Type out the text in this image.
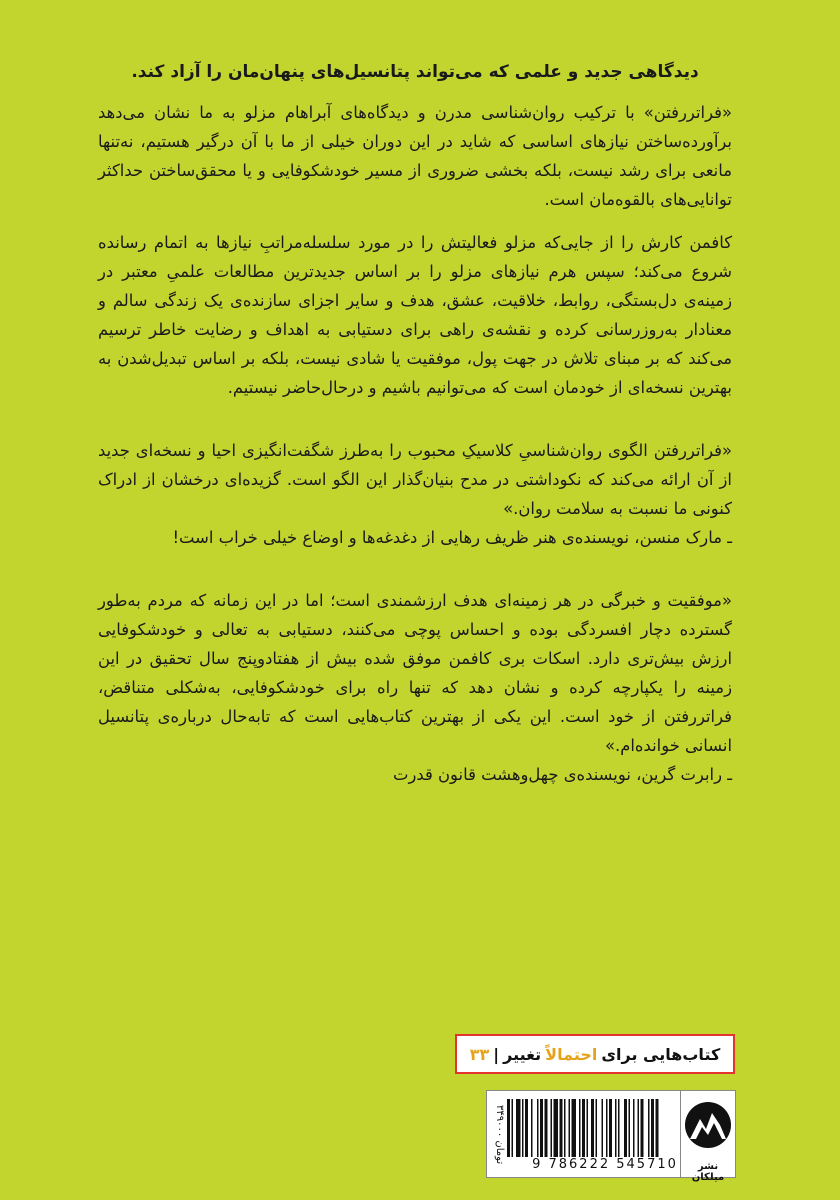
دیدگاهی جدید و علمی که می‌تواند پتانسیل‌های پنهان‌مان را آزاد کند.

«فراتررفتن» با ترکیب روان‌شناسی مدرن و دیدگاه‌های آبراهام مزلو به ما نشان می‌دهد برآورده‌ساختن نیازهای اساسی که شاید در این دوران خیلی از ما با آن درگیر هستیم، نه‌تنها مانعی برای رشد نیست، بلکه بخشی ضروری از مسیر خودشکوفایی و یا محقق‌ساختن حداکثر توانایی‌های بالقوه‌مان است.

کافمن کارش را از جایی‌که مزلو فعالیتش را در مورد سلسله‌مراتبِ نیازها به اتمام رسانده شروع می‌کند؛ سپس هرم نیازهای مزلو را بر اساس جدیدترین مطالعات علمیِ معتبر در زمینه‌ی دل‌بستگی، روابط، خلاقیت، عشق، هدف و سایر اجزای سازنده‌ی یک زندگی سالم و معنادار به‌روزرسانی کرده و نقشه‌ی راهی برای دستیابی به اهداف و رضایت خاطر ترسیم می‌کند که بر مبنای تلاش در جهت پول، موفقیت یا شادی نیست، بلکه بر اساس تبدیل‌شدن به بهترین نسخه‌ای از خودمان است که می‌توانیم باشیم و درحال‌حاضر نیستیم.

«فراتررفتن الگوی روان‌شناسیِ کلاسیکِ محبوب را به‌طرز شگفت‌انگیزی احیا و نسخه‌ای جدید از آن ارائه می‌کند که نکوداشتی در مدح بنیان‌گذار این الگو است. گزیده‌ای درخشان از ادراک کنونی ما نسبت به سلامت روان.»

ـ مارک منسن، نویسنده‌ی هنر ظریف رهایی از دغدغه‌ها و اوضاع خیلی خراب است!

«موفقیت و خبرگی در هر زمینه‌ای هدف ارزشمندی است؛ اما در این زمانه که مردم به‌طور گسترده دچار افسردگی بوده و احساس پوچی می‌کنند، دستیابی به تعالی و خودشکوفایی ارزش بیش‌تری دارد. اسکات بری کافمن موفق شده بیش از هفتادوپنج سال تحقیق در این زمینه را یکپارچه کرده و نشان دهد که تنها راه برای خودشکوفایی، به‌شکلی متناقض، فراتررفتن از خود است. این یکی از بهترین کتاب‌هایی است که تابه‌حال درباره‌ی پتانسیل انسانی خوانده‌ام.»

ـ رابرت گرین، نویسنده‌ی چهل‌وهشت قانون قدرت

کتاب‌هایی برای
احتمالاً
تغییر
|
۳۳
۳۴۹۰۰۰ تومان	9 786222 545710	نشر میلکان
